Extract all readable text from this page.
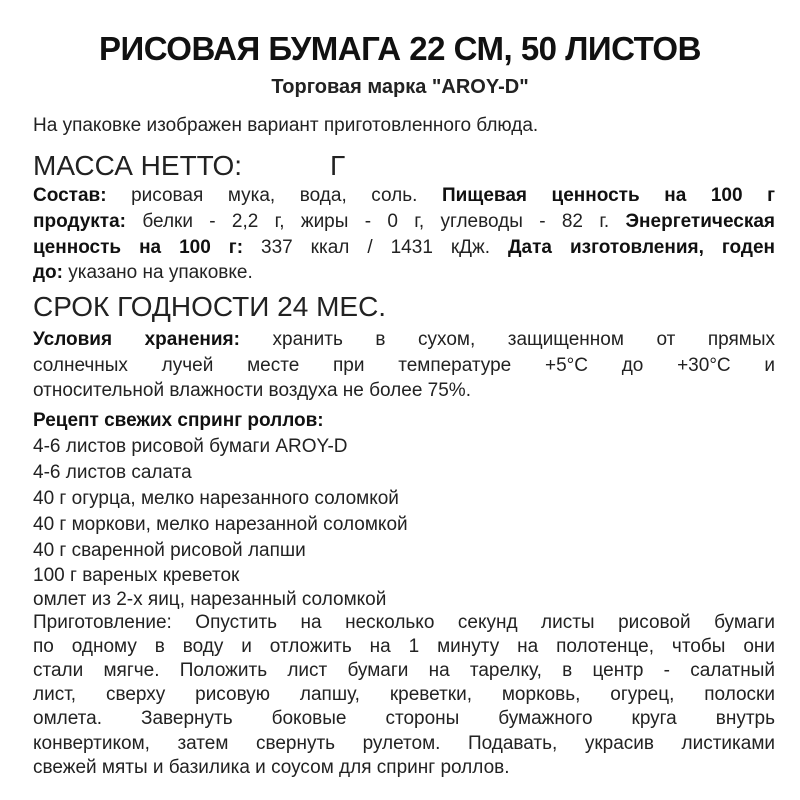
РИСОВАЯ БУМАГА 22 СМ, 50 ЛИСТОВ
Торговая марка "AROY-D"
На упаковке изображен вариант приготовленного блюда.
МАССА НЕТТО:	Г
Состав: рисовая мука, вода, соль. Пищевая ценность на 100 г
продукта: белки - 2,2 г, жиры - 0 г, углеводы - 82 г. Энергетическая
ценность на 100 г: 337 ккал / 1431 кДж. Дата изготовления, годен
до: указано на упаковке.
СРОК ГОДНОСТИ 24 МЕС.
Условия хранения: хранить в сухом, защищенном от прямых
солнечных лучей месте при температуре +5°С до +30°С и
относительной влажности воздуха не более 75%.
Рецепт свежих спринг роллов:
4-6 листов рисовой бумаги AROY-D
4-6 листов салата
40 г огурца, мелко нарезанного соломкой
40 г моркови, мелко нарезанной соломкой
40 г сваренной рисовой лапши
100 г вареных креветок
омлет из 2-х яиц, нарезанный соломкой
Приготовление: Опустить на несколько секунд листы рисовой бумаги
по одному в воду и отложить на 1 минуту на полотенце, чтобы они
стали мягче. Положить лист бумаги на тарелку, в центр - салатный
лист, сверху рисовую лапшу, креветки, морковь, огурец, полоски
омлета. Завернуть боковые стороны бумажного круга внутрь
конвертиком, затем свернуть рулетом. Подавать, украсив листиками
свежей мяты и базилика и соусом для спринг роллов.
